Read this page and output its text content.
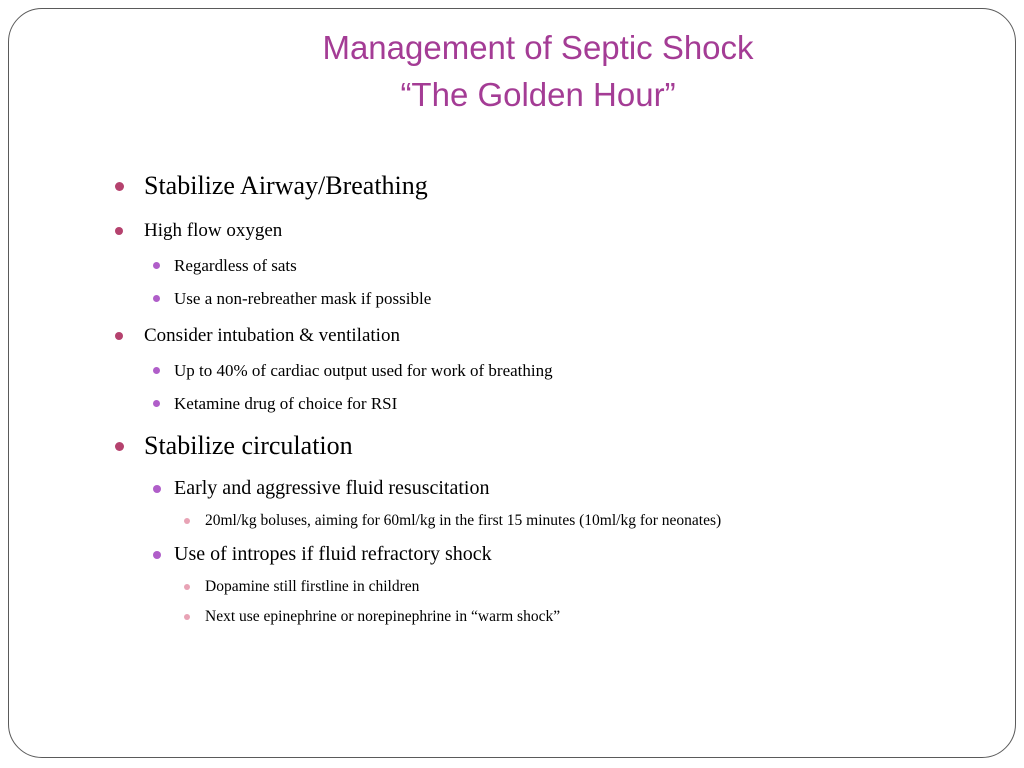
Management of Septic Shock
“The Golden Hour”
Stabilize Airway/Breathing
High flow oxygen
Regardless of sats
Use a non-rebreather mask if possible
Consider intubation & ventilation
Up to 40% of cardiac output used for work of breathing
Ketamine drug of choice for RSI
Stabilize circulation
Early and aggressive fluid resuscitation
20ml/kg boluses, aiming for 60ml/kg in the first 15 minutes (10ml/kg for neonates)
Use of intropes if fluid refractory shock
Dopamine still firstline in children
Next use epinephrine or norepinephrine in “warm shock”
